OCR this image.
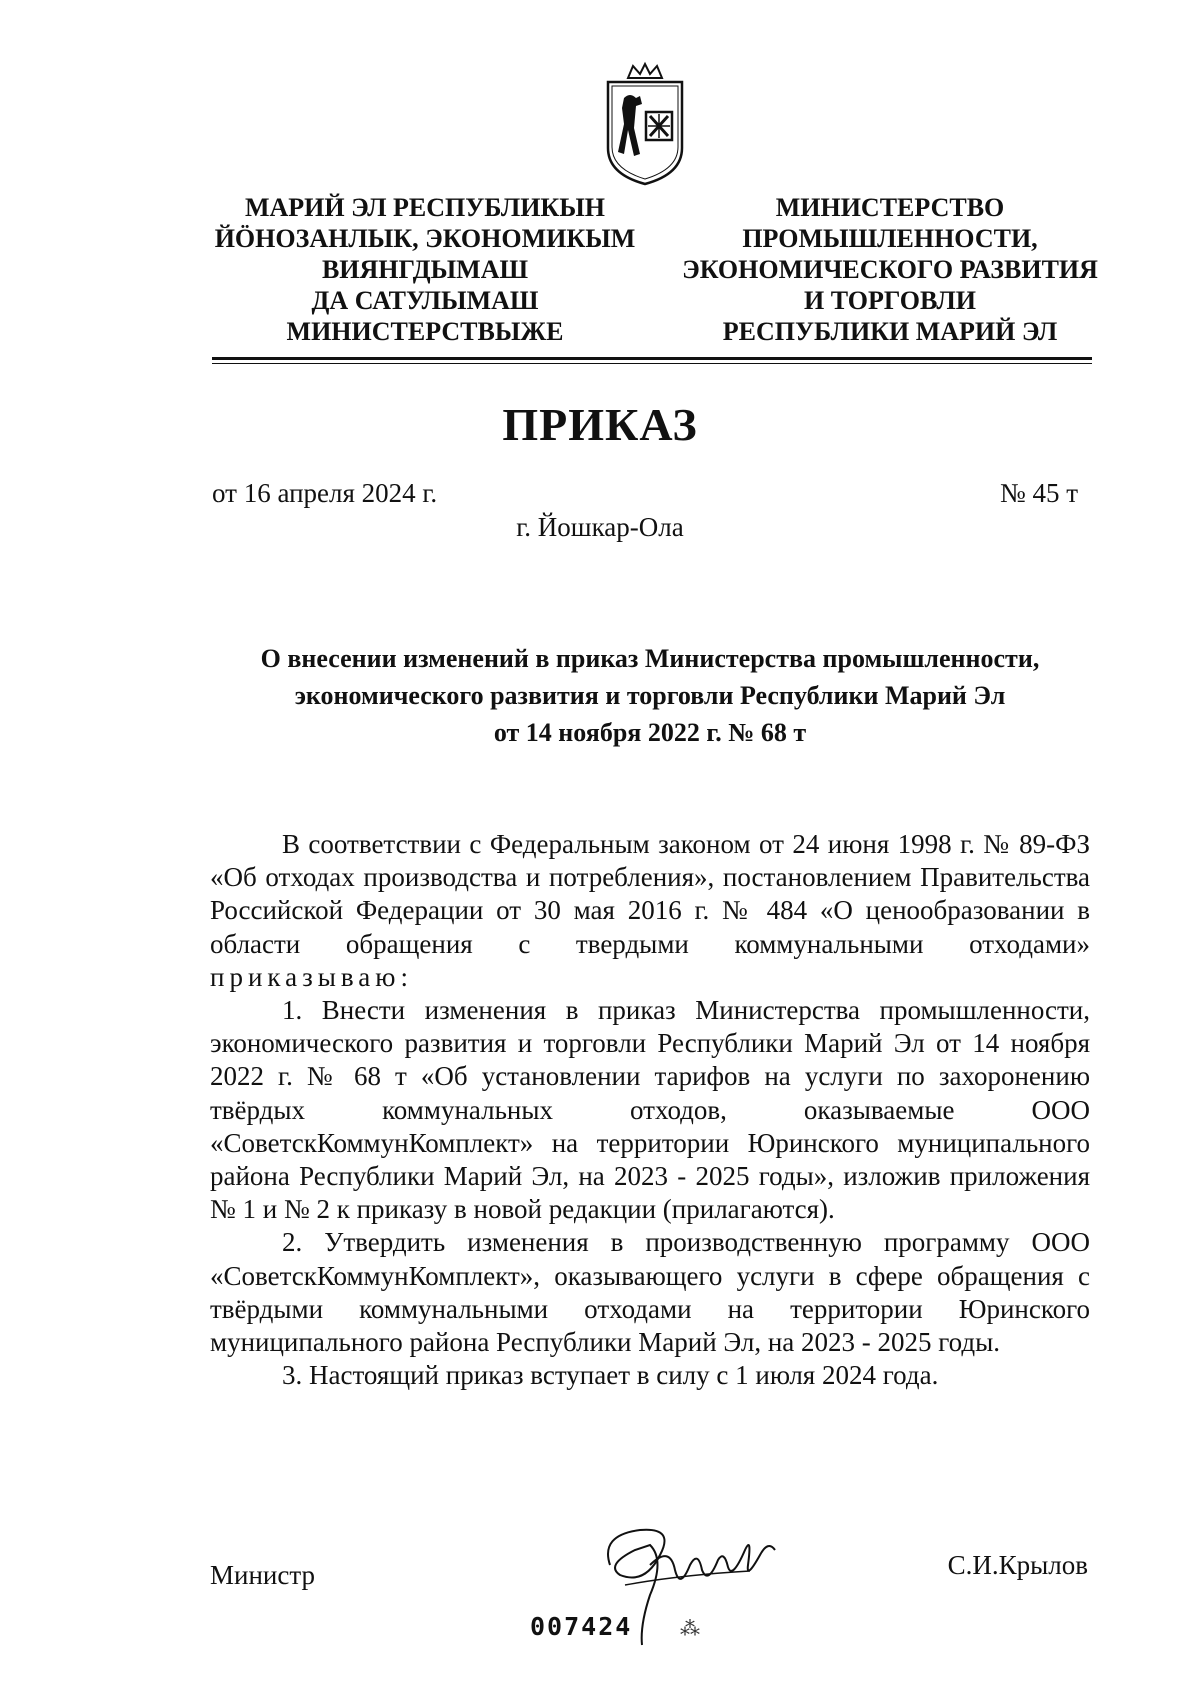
МАРИЙ ЭЛ РЕСПУБЛИКЫН
ЙӦНОЗАНЛЫК, ЭКОНОМИКЫМ
ВИЯНГДЫМАШ
ДА САТУЛЫМАШ
МИНИСТЕРСТВЫЖЕ
МИНИСТЕРСТВО
ПРОМЫШЛЕННОСТИ,
ЭКОНОМИЧЕСКОГО РАЗВИТИЯ
И ТОРГОВЛИ
РЕСПУБЛИКИ МАРИЙ ЭЛ
ПРИКАЗ
от 16 апреля 2024 г.	№ 45 т
г. Йошкар-Ола
О внесении изменений в приказ Министерства промышленности,
экономического развития и торговли Республики Марий Эл
от 14 ноября 2022 г. № 68 т

В соответствии с Федеральным законом от 24 июня 1998 г. № 89-ФЗ «Об отходах производства и потребления», постановлением Правительства Российской Федерации от 30 мая 2016 г. № 484 «О ценообразовании в области обращения с твердыми коммунальными отходами» приказываю:

1. Внести изменения в приказ Министерства промышленности, экономического развития и торговли Республики Марий Эл от 14 ноября 2022 г. № 68 т «Об установлении тарифов на услуги по захоронению твёрдых коммунальных отходов, оказываемые ООО «СоветскКоммунКомплект» на территории Юринского муниципального района Республики Марий Эл, на 2023 - 2025 годы», изложив приложения № 1 и № 2 к приказу в новой редакции (прилагаются).

2. Утвердить изменения в производственную программу ООО «СоветскКоммунКомплект», оказывающего услуги в сфере обращения с твёрдыми коммунальными отходами на территории Юринского муниципального района Республики Марий Эл, на 2023 - 2025 годы.

3. Настоящий приказ вступает в силу с 1 июля 2024 года.

Министр	С.И.Крылов
007424 ⁂
